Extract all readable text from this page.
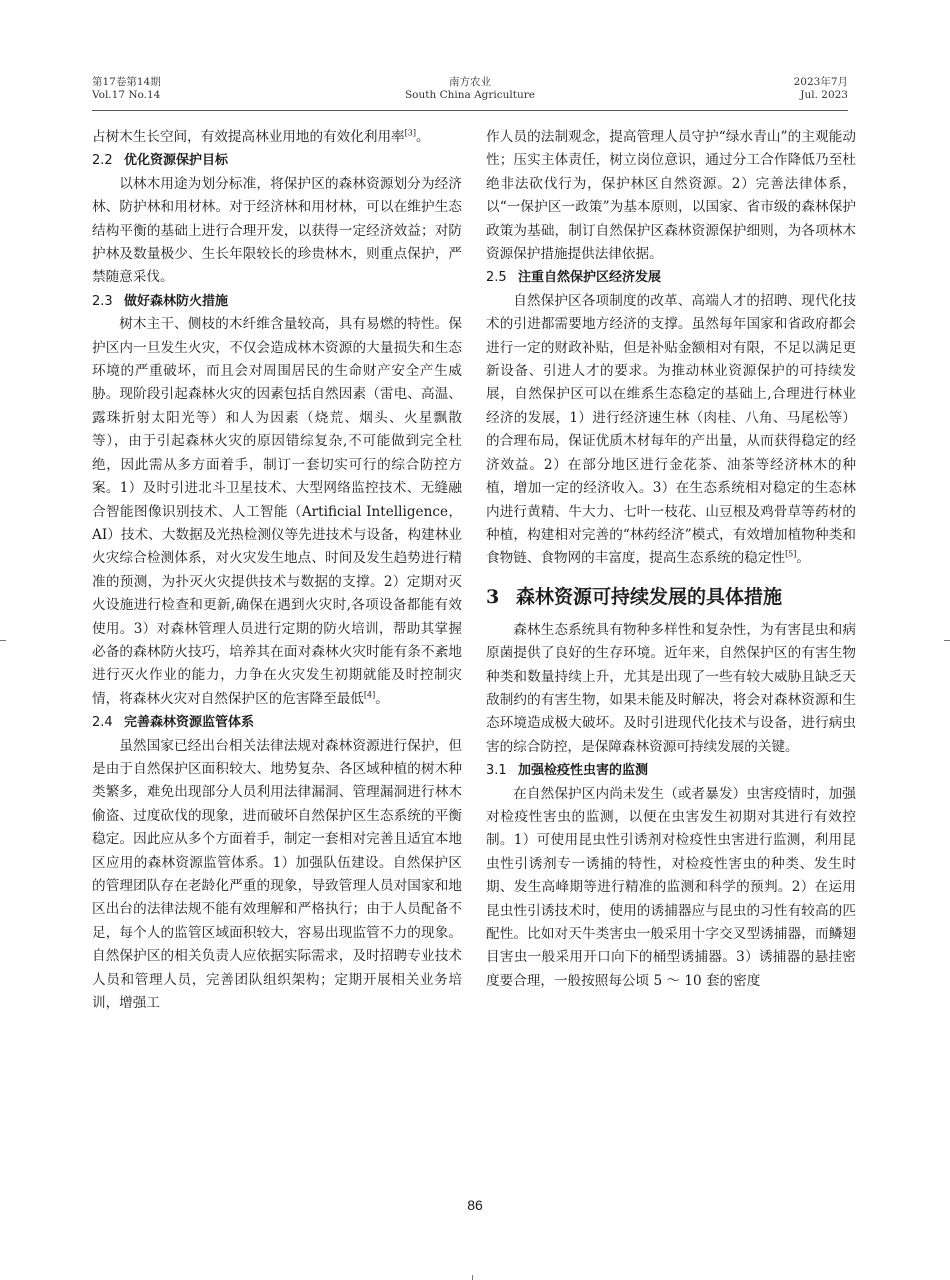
第17卷第14期
Vol.17 No.14
南方农业
South China Agriculture
2023年7月
Jul. 2023

占树木生长空间，有效提高林业用地的有效化利用率[3]。

2.2 优化资源保护目标

以林木用途为划分标准，将保护区的森林资源划分为经济林、防护林和用材林。对于经济林和用材林，可以在维护生态结构平衡的基础上进行合理开发，以获得一定经济效益；对防护林及数量极少、生长年限较长的珍贵林木，则重点保护，严禁随意采伐。

2.3 做好森林防火措施

树木主干、侧枝的木纤维含量较高，具有易燃的特性。保护区内一旦发生火灾，不仅会造成林木资源的大量损失和生态环境的严重破坏，而且会对周围居民的生命财产安全产生威胁。现阶段引起森林火灾的因素包括自然因素（雷电、高温、露珠折射太阳光等）和人为因素（烧荒、烟头、火星飘散等），由于引起森林火灾的原因错综复杂,不可能做到完全杜绝，因此需从多方面着手，制订一套切实可行的综合防控方案。1）及时引进北斗卫星技术、大型网络监控技术、无缝融合智能图像识别技术、人工智能（Artificial Intelligence，AI）技术、大数据及光热检测仪等先进技术与设备，构建林业火灾综合检测体系，对火灾发生地点、时间及发生趋势进行精准的预测，为扑灭火灾提供技术与数据的支撑。2）定期对灭火设施进行检查和更新,确保在遇到火灾时,各项设备都能有效使用。3）对森林管理人员进行定期的防火培训，帮助其掌握必备的森林防火技巧，培养其在面对森林火灾时能有条不紊地进行灭火作业的能力，力争在火灾发生初期就能及时控制灾情，将森林火灾对自然保护区的危害降至最低[4]。

2.4 完善森林资源监管体系

虽然国家已经出台相关法律法规对森林资源进行保护，但是由于自然保护区面积较大、地势复杂、各区域种植的树木种类繁多，难免出现部分人员利用法律漏洞、管理漏洞进行林木偷盗、过度砍伐的现象，进而破坏自然保护区生态系统的平衡稳定。因此应从多个方面着手，制定一套相对完善且适宜本地区应用的森林资源监管体系。1）加强队伍建设。自然保护区的管理团队存在老龄化严重的现象，导致管理人员对国家和地区出台的法律法规不能有效理解和严格执行；由于人员配备不足，每个人的监管区域面积较大，容易出现监管不力的现象。自然保护区的相关负责人应依据实际需求，及时招聘专业技术人员和管理人员，完善团队组织架构；定期开展相关业务培训，增强工

作人员的法制观念，提高管理人员守护“绿水青山”的主观能动性；压实主体责任，树立岗位意识，通过分工合作降低乃至杜绝非法砍伐行为，保护林区自然资源。2）完善法律体系，以“一保护区一政策”为基本原则，以国家、省市级的森林保护政策为基础，制订自然保护区森林资源保护细则，为各项林木资源保护措施提供法律依据。

2.5 注重自然保护区经济发展

自然保护区各项制度的改革、高端人才的招聘、现代化技术的引进都需要地方经济的支撑。虽然每年国家和省政府都会进行一定的财政补贴，但是补贴金额相对有限，不足以满足更新设备、引进人才的要求。为推动林业资源保护的可持续发展，自然保护区可以在维系生态稳定的基础上,合理进行林业经济的发展，1）进行经济速生林（肉桂、八角、马尾松等）的合理布局，保证优质木材每年的产出量，从而获得稳定的经济效益。2）在部分地区进行金花茶、油茶等经济林木的种植，增加一定的经济收入。3）在生态系统相对稳定的生态林内进行黄精、牛大力、七叶一枝花、山豆根及鸡骨草等药材的种植，构建相对完善的“林药经济”模式，有效增加植物种类和食物链、食物网的丰富度，提高生态系统的稳定性[5]。

3 森林资源可持续发展的具体措施

森林生态系统具有物种多样性和复杂性，为有害昆虫和病原菌提供了良好的生存环境。近年来，自然保护区的有害生物种类和数量持续上升，尤其是出现了一些有较大威胁且缺乏天敌制约的有害生物，如果未能及时解决，将会对森林资源和生态环境造成极大破坏。及时引进现代化技术与设备，进行病虫害的综合防控，是保障森林资源可持续发展的关键。

3.1 加强检疫性虫害的监测

在自然保护区内尚未发生（或者暴发）虫害疫情时，加强对检疫性害虫的监测，以便在虫害发生初期对其进行有效控制。1）可使用昆虫性引诱剂对检疫性虫害进行监测，利用昆虫性引诱剂专一诱捕的特性，对检疫性害虫的种类、发生时期、发生高峰期等进行精准的监测和科学的预判。2）在运用昆虫性引诱技术时，使用的诱捕器应与昆虫的习性有较高的匹配性。比如对天牛类害虫一般采用十字交叉型诱捕器，而鳞翅目害虫一般采用开口向下的桶型诱捕器。3）诱捕器的悬挂密度要合理，一般按照每公顷 5 ～ 10 套的密度

86
